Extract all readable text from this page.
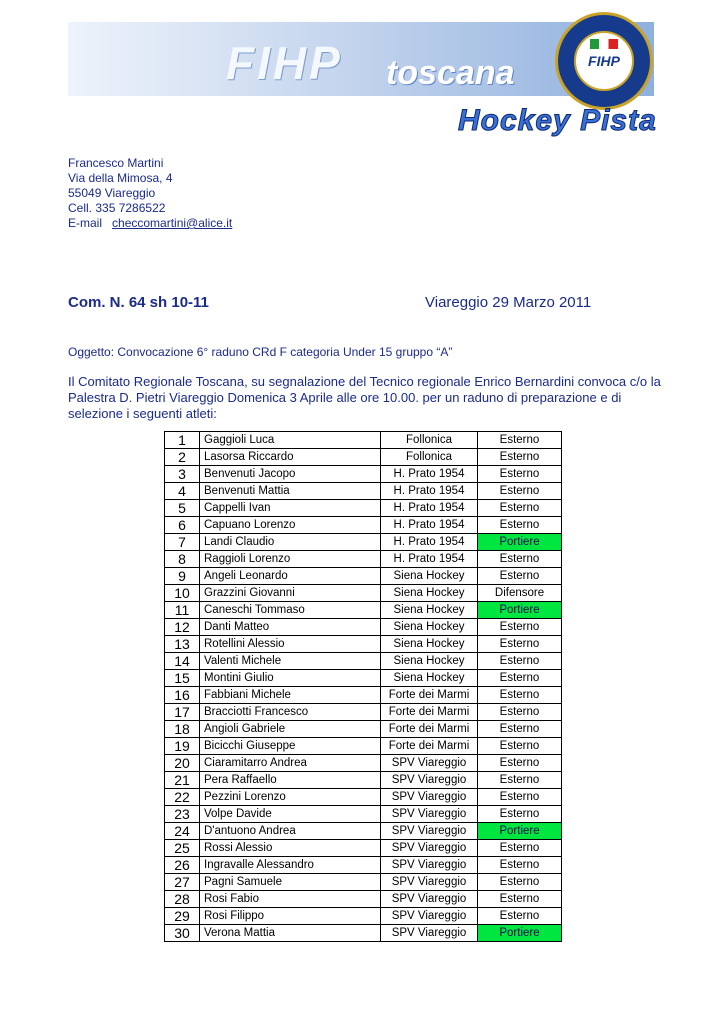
FIHP toscana	FIHP
Hockey Pista
Francesco Martini
Via della Mimosa, 4
55049 Viareggio
Cell. 335 7286522
E-mail checcomartini@alice.it
Com. N. 64 sh 10-11	Viareggio 29 Marzo 2011
Oggetto: Convocazione 6° raduno CRd F categoria Under 15 gruppo “A”
Il Comitato Regionale Toscana, su segnalazione del Tecnico regionale Enrico Bernardini convoca c/o la Palestra D. Pietri Viareggio Domenica 3 Aprile alle ore 10.00. per un raduno di preparazione e di selezione i seguenti atleti:
1	Gaggioli Luca	Follonica	Esterno
2	Lasorsa Riccardo	Follonica	Esterno
3	Benvenuti Jacopo	H. Prato 1954	Esterno
4	Benvenuti Mattia	H. Prato 1954	Esterno
5	Cappelli Ivan	H. Prato 1954	Esterno
6	Capuano Lorenzo	H. Prato 1954	Esterno
7	Landi Claudio	H. Prato 1954	Portiere
8	Raggioli Lorenzo	H. Prato 1954	Esterno
9	Angeli Leonardo	Siena Hockey	Esterno
10	Grazzini Giovanni	Siena Hockey	Difensore
11	Caneschi Tommaso	Siena Hockey	Portiere
12	Danti Matteo	Siena Hockey	Esterno
13	Rotellini Alessio	Siena Hockey	Esterno
14	Valenti Michele	Siena Hockey	Esterno
15	Montini Giulio	Siena Hockey	Esterno
16	Fabbiani Michele	Forte dei Marmi	Esterno
17	Bracciotti Francesco	Forte dei Marmi	Esterno
18	Angioli Gabriele	Forte dei Marmi	Esterno
19	Bicicchi Giuseppe	Forte dei Marmi	Esterno
20	Ciaramitarro Andrea	SPV Viareggio	Esterno
21	Pera Raffaello	SPV Viareggio	Esterno
22	Pezzini Lorenzo	SPV Viareggio	Esterno
23	Volpe Davide	SPV Viareggio	Esterno
24	D'antuono Andrea	SPV Viareggio	Portiere
25	Rossi Alessio	SPV Viareggio	Esterno
26	Ingravalle Alessandro	SPV Viareggio	Esterno
27	Pagni Samuele	SPV Viareggio	Esterno
28	Rosi Fabio	SPV Viareggio	Esterno
29	Rosi Filippo	SPV Viareggio	Esterno
30	Verona Mattia	SPV Viareggio	Portiere
